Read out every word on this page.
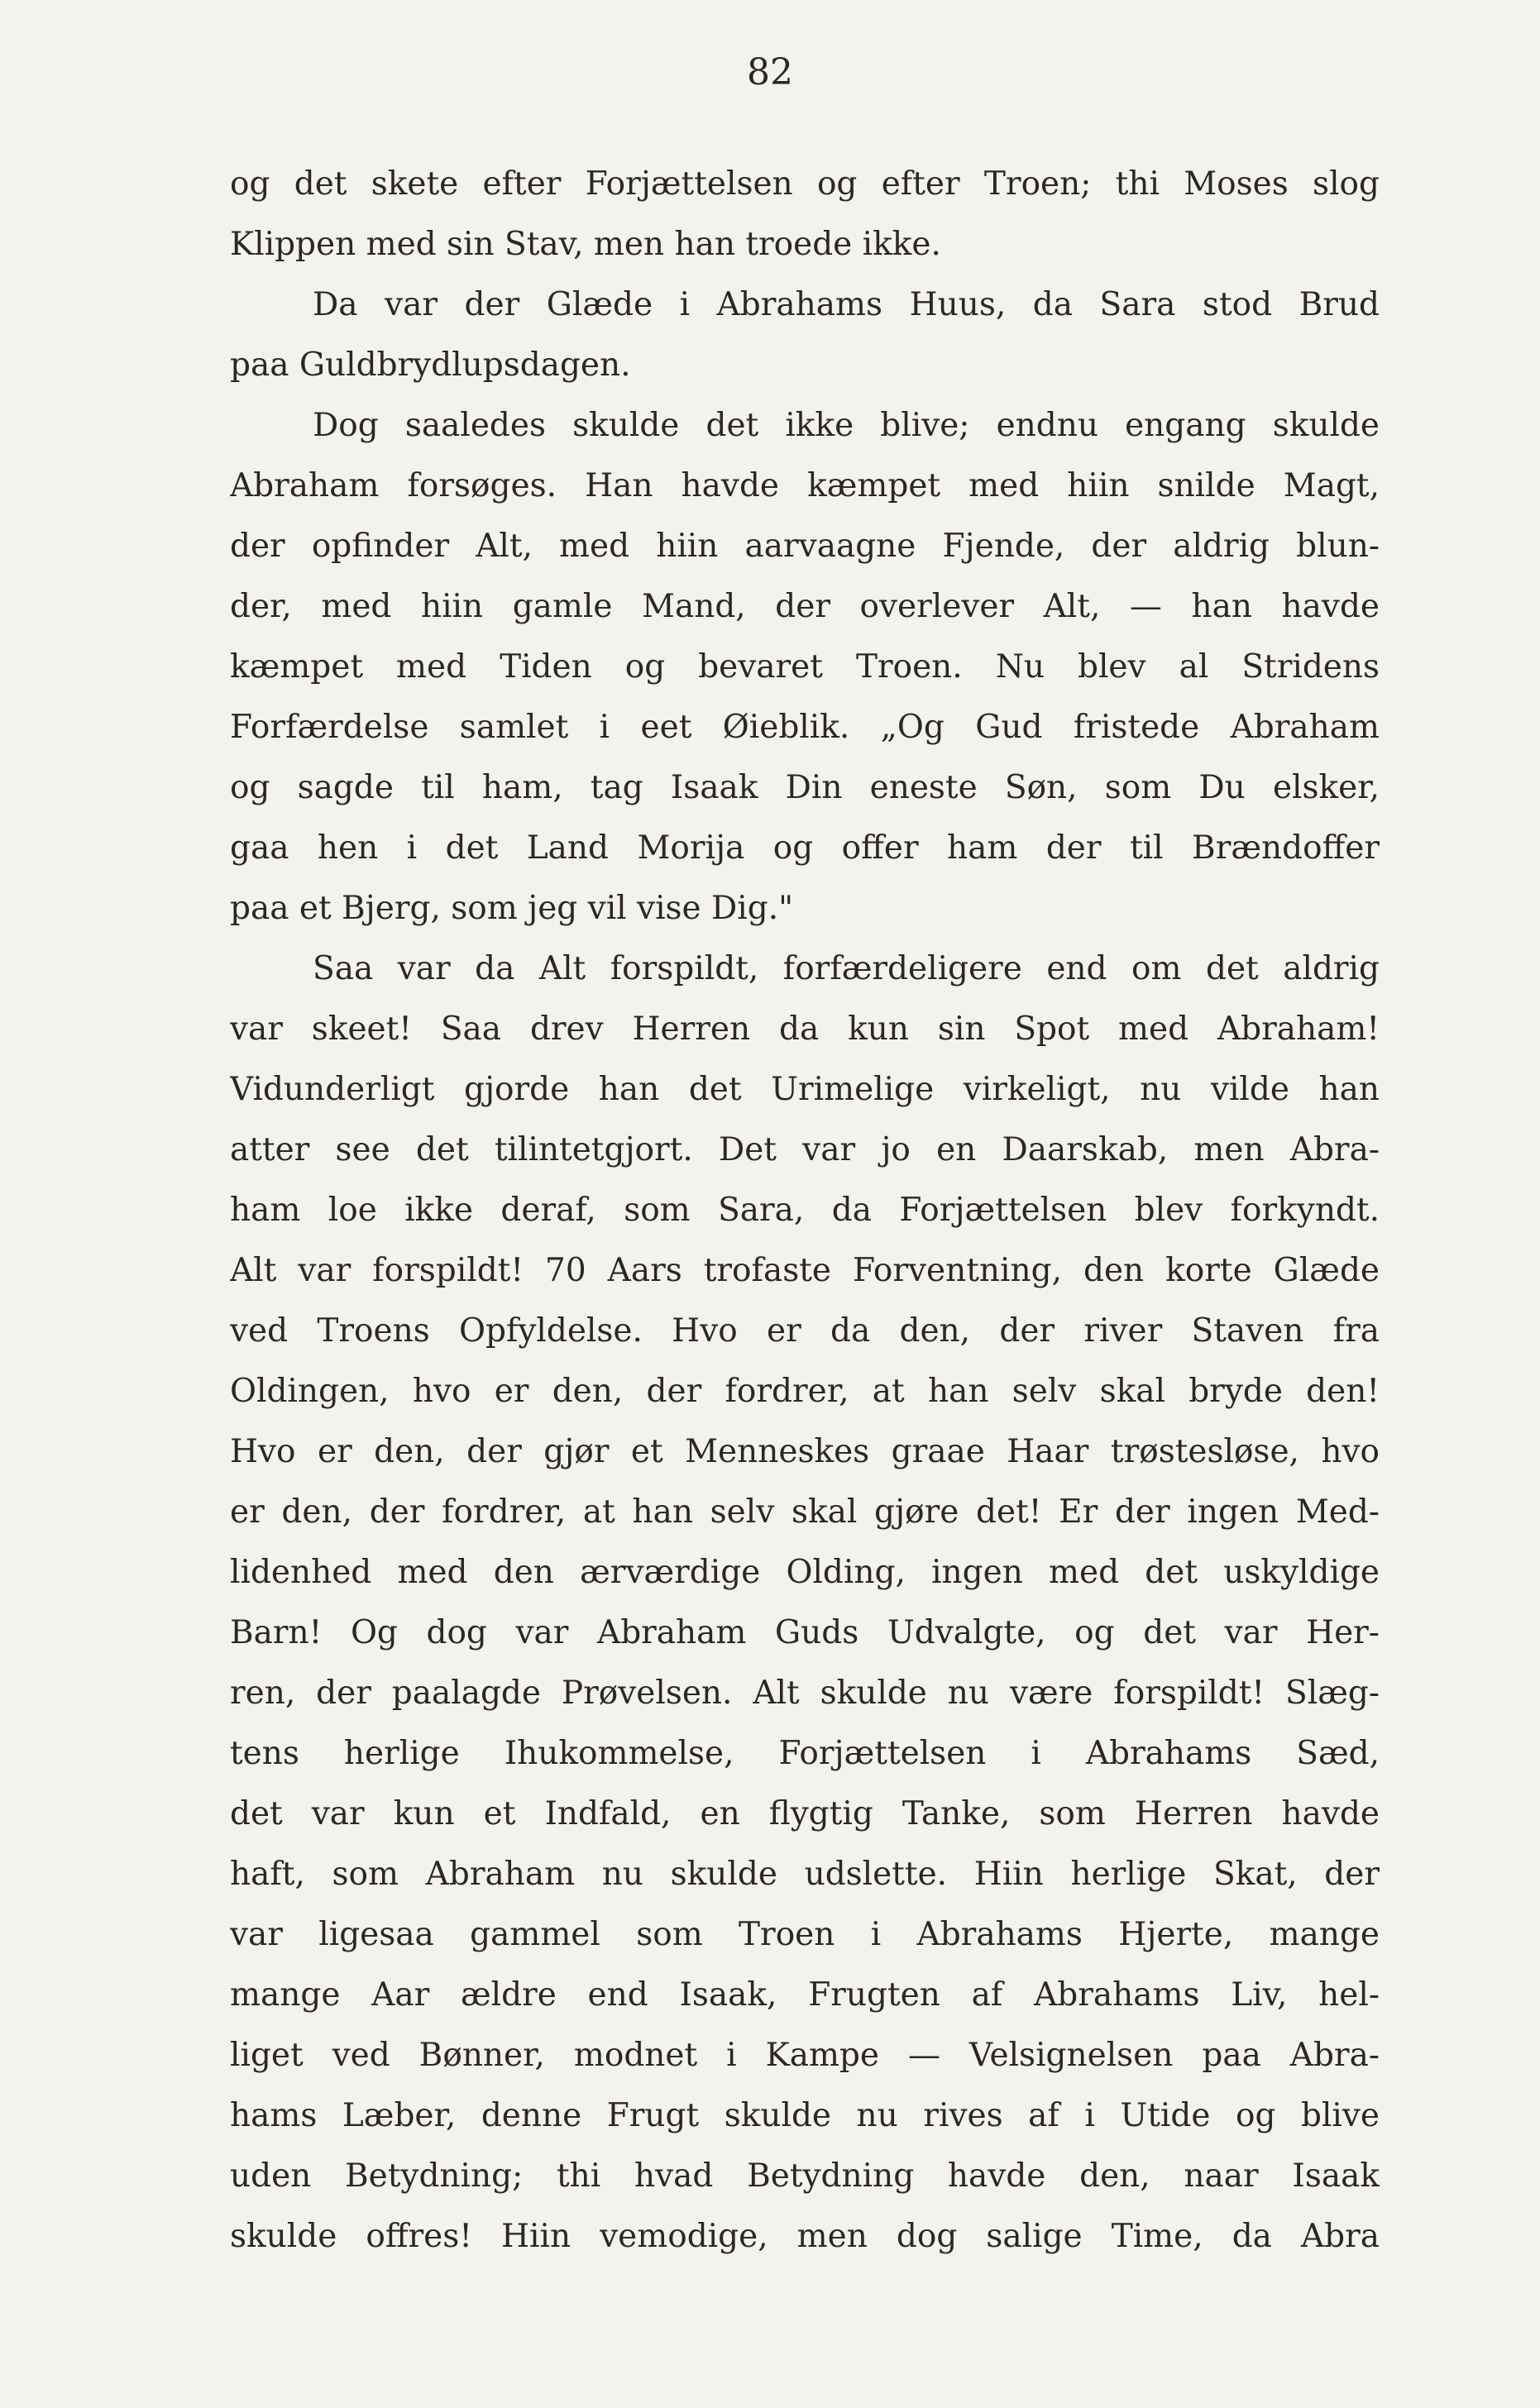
82
og det skete efter Forjættelsen og efter Troen; thi Moses slog
Klippen med sin Stav, men han troede ikke.
Da var der Glæde i Abrahams Huus, da Sara stod Brud
paa Guldbrydlupsdagen.
Dog saaledes skulde det ikke blive; endnu engang skulde
Abraham forsøges. Han havde kæmpet med hiin snilde Magt,
der opfinder Alt, med hiin aarvaagne Fjende, der aldrig blun-
der, med hiin gamle Mand, der overlever Alt, — han havde
kæmpet med Tiden og bevaret Troen. Nu blev al Stridens
Forfærdelse samlet i eet Øieblik. „Og Gud fristede Abraham
og sagde til ham, tag Isaak Din eneste Søn, som Du elsker,
gaa hen i det Land Morija og offer ham der til Brændoffer
paa et Bjerg, som jeg vil vise Dig."
Saa var da Alt forspildt, forfærdeligere end om det aldrig
var skeet! Saa drev Herren da kun sin Spot med Abraham!
Vidunderligt gjorde han det Urimelige virkeligt, nu vilde han
atter see det tilintetgjort. Det var jo en Daarskab, men Abra-
ham loe ikke deraf, som Sara, da Forjættelsen blev forkyndt.
Alt var forspildt! 70 Aars trofaste Forventning, den korte Glæde
ved Troens Opfyldelse. Hvo er da den, der river Staven fra
Oldingen, hvo er den, der fordrer, at han selv skal bryde den!
Hvo er den, der gjør et Menneskes graae Haar trøstesløse, hvo
er den, der fordrer, at han selv skal gjøre det! Er der ingen Med-
lidenhed med den ærværdige Olding, ingen med det uskyldige
Barn! Og dog var Abraham Guds Udvalgte, og det var Her-
ren, der paalagde Prøvelsen. Alt skulde nu være forspildt! Slæg-
tens herlige Ihukommelse, Forjættelsen i Abrahams Sæd,
det var kun et Indfald, en flygtig Tanke, som Herren havde
haft, som Abraham nu skulde udslette. Hiin herlige Skat, der
var ligesaa gammel som Troen i Abrahams Hjerte, mange
mange Aar ældre end Isaak, Frugten af Abrahams Liv, hel-
liget ved Bønner, modnet i Kampe — Velsignelsen paa Abra-
hams Læber, denne Frugt skulde nu rives af i Utide og blive
uden Betydning; thi hvad Betydning havde den, naar Isaak
skulde offres! Hiin vemodige, men dog salige Time, da Abra
